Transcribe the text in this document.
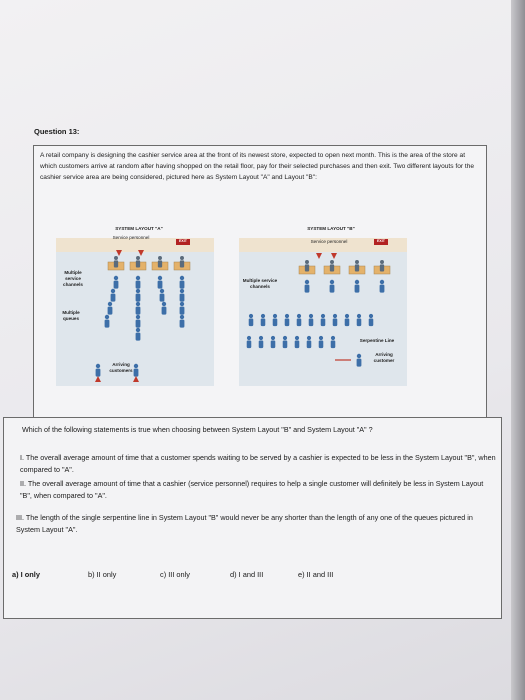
Question 13:
A retail company is designing the cashier service area at the front of its newest store, expected to open next month. This is the area of the store at which customers arrive at random after having shopped on the retail floor, pay for their selected purchases and then exit. Two different layouts for the cashier service area are being considered, pictured here as System Layout "A" and Layout "B":
SYSTEM LAYOUT "A"
Service personnel
EXIT
Multiple service channels
Multiple queues
Arriving customers
SYSTEM LAYOUT "B"
Service personnel	EXIT
Multiple service channels
Serpentine Line
Arriving customer
Which of the following statements is true when choosing between System Layout "B" and System Layout "A" ?
I. The overall average amount of time that a customer spends waiting to be served by a cashier is expected to be less in the System Layout "B", when compared to "A".
II. The overall average amount of time that a cashier (service personnel) requires to help a single customer will definitely be less in System Layout "B", when compared to "A".
III. The length of the single serpentine line in System Layout "B" would never be any shorter than the length of any one of the queues pictured in System Layout "A".
a) I only	b) II only	c) III only	d) I and III	e) II and III
